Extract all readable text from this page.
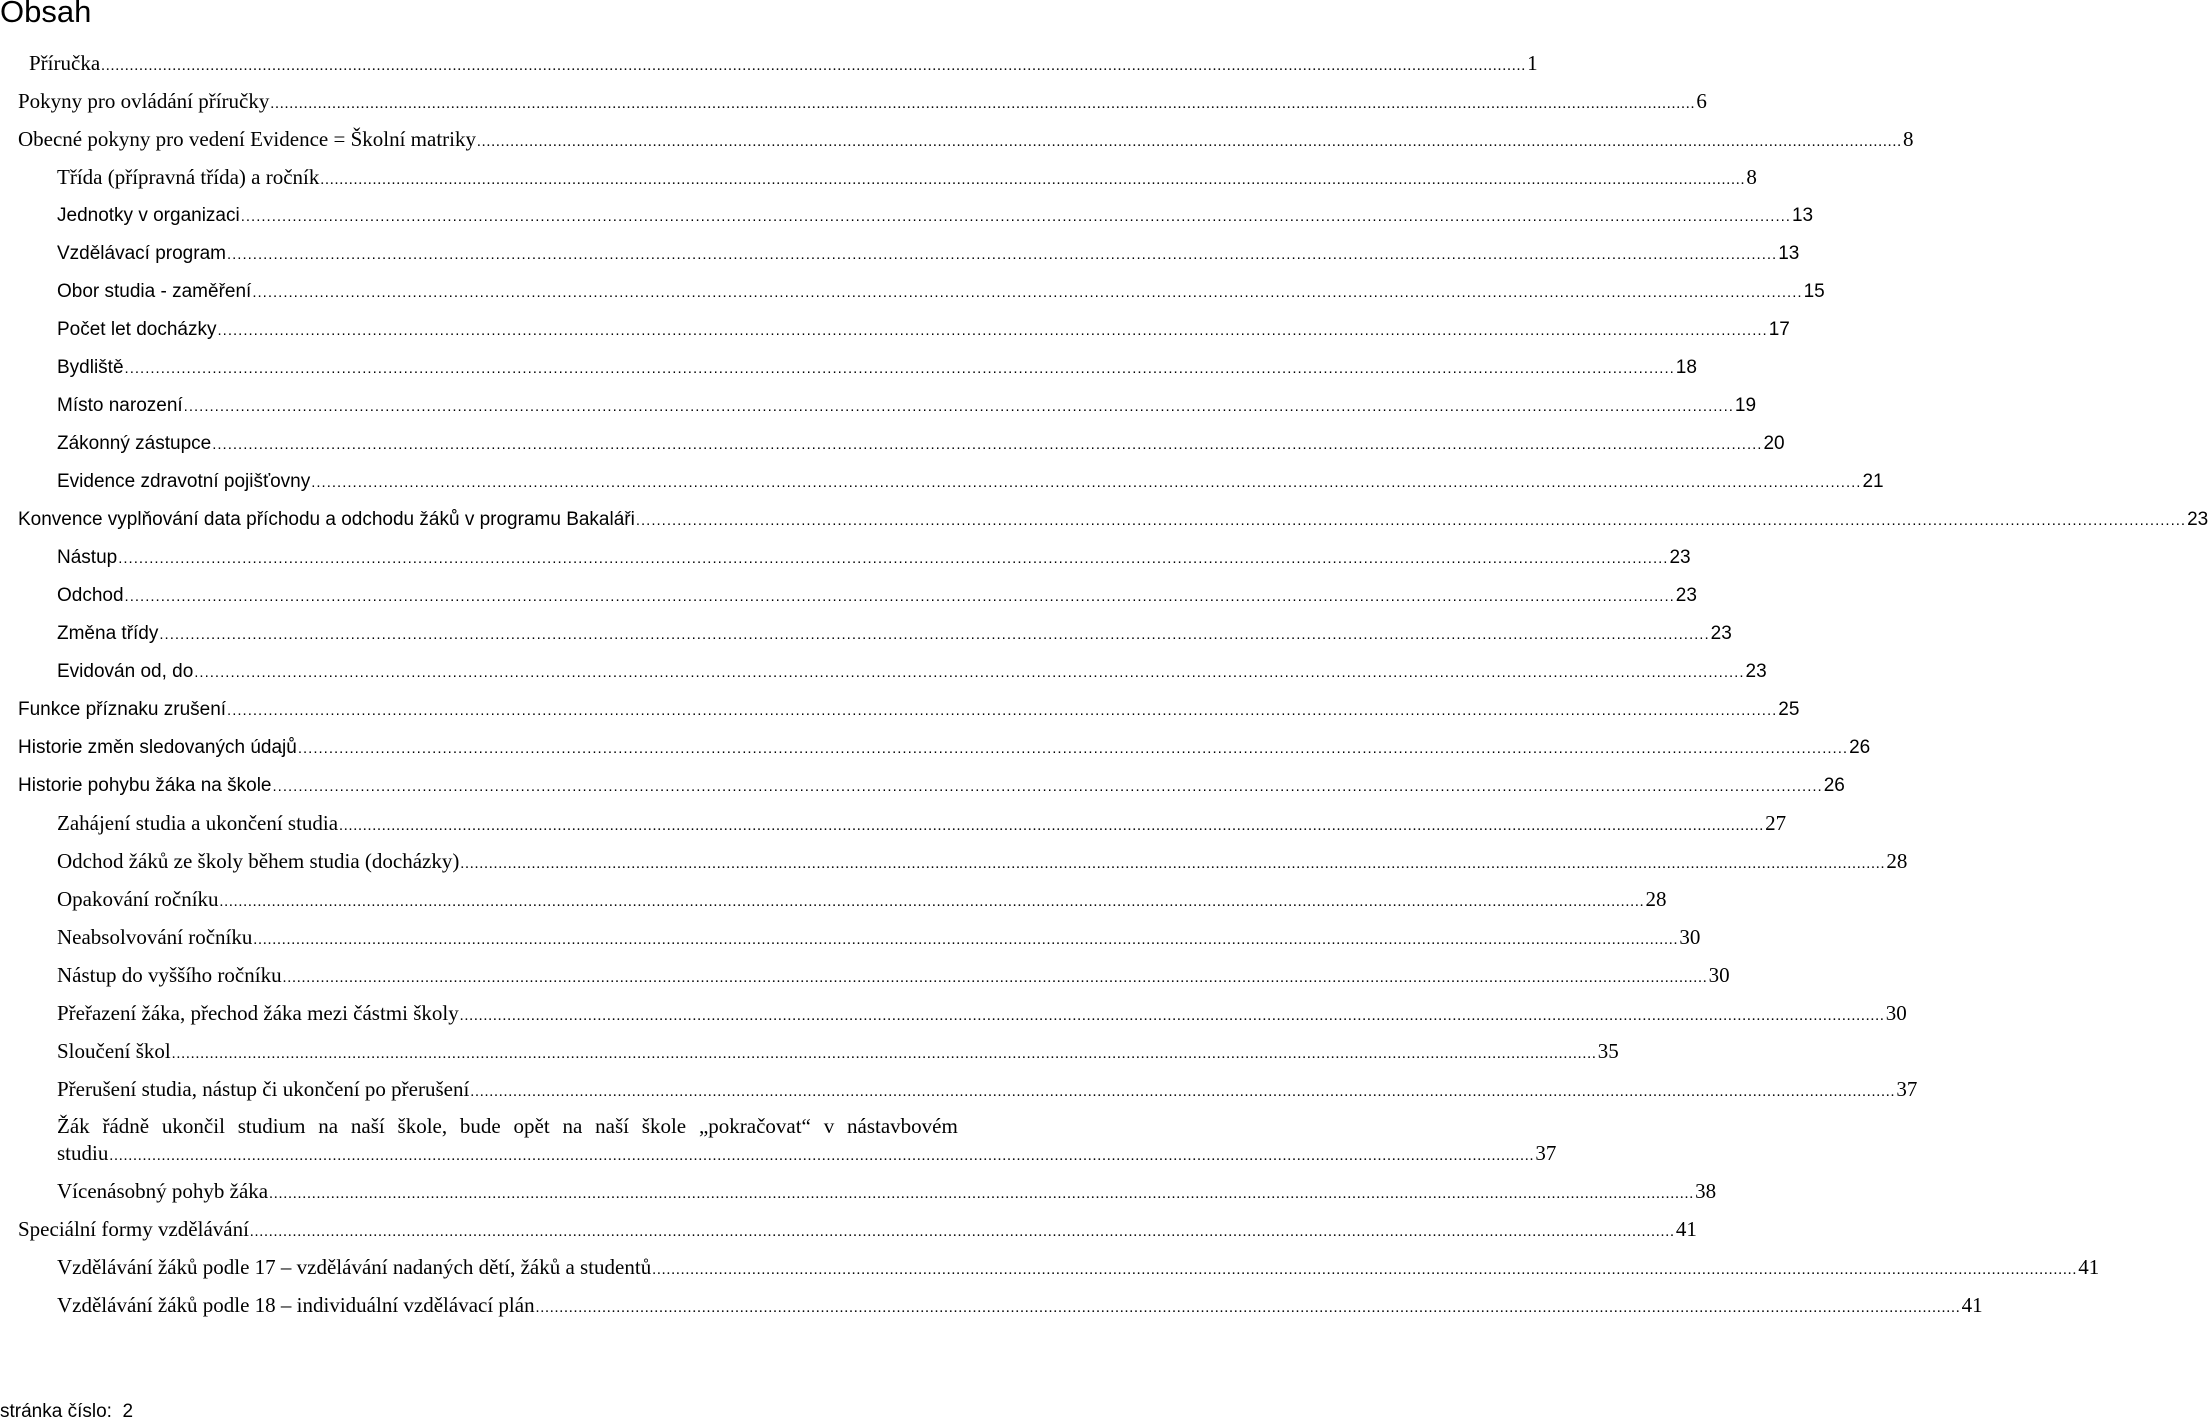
Obsah
Příručka ............................................................................................................................................................................................................................................................................................................ 1
Pokyny pro ovládání příručky ............................................................................................................................................................................................................................................................................................................ 6
Obecné pokyny pro vedení Evidence = Školní matriky ............................................................................................................................................................................................................................................................................................................ 8
Třída (přípravná třída) a ročník ............................................................................................................................................................................................................................................................................................................ 8
Jednotky v organizaci ............................................................................................................................................................................................................................................................................................................ 13
Vzdělávací program ............................................................................................................................................................................................................................................................................................................ 13
Obor studia - zaměření ............................................................................................................................................................................................................................................................................................................ 15
Počet let docházky ............................................................................................................................................................................................................................................................................................................ 17
Bydliště ............................................................................................................................................................................................................................................................................................................ 18
Místo narození ............................................................................................................................................................................................................................................................................................................ 19
Zákonný zástupce ............................................................................................................................................................................................................................................................................................................ 20
Evidence zdravotní pojišťovny ............................................................................................................................................................................................................................................................................................................ 21
Konvence vyplňování data příchodu a odchodu žáků v programu Bakaláři ............................................................................................................................................................................................................................................................................................................ 23
Nástup ............................................................................................................................................................................................................................................................................................................ 23
Odchod ............................................................................................................................................................................................................................................................................................................ 23
Změna třídy ............................................................................................................................................................................................................................................................................................................ 23
Evidován od, do ............................................................................................................................................................................................................................................................................................................ 23
Funkce příznaku zrušení ............................................................................................................................................................................................................................................................................................................ 25
Historie změn sledovaných údajů ............................................................................................................................................................................................................................................................................................................ 26
Historie pohybu žáka na škole ............................................................................................................................................................................................................................................................................................................ 26
Zahájení studia a ukončení studia ............................................................................................................................................................................................................................................................................................................ 27
Odchod žáků ze školy během studia (docházky) ............................................................................................................................................................................................................................................................................................................ 28
Opakování ročníku ............................................................................................................................................................................................................................................................................................................ 28
Neabsolvování ročníku ............................................................................................................................................................................................................................................................................................................ 30
Nástup do vyššího ročníku ............................................................................................................................................................................................................................................................................................................ 30
Přeřazení žáka, přechod žáka mezi částmi školy ............................................................................................................................................................................................................................................................................................................ 30
Sloučení škol ............................................................................................................................................................................................................................................................................................................ 35
Přerušení studia, nástup či ukončení po přerušení ............................................................................................................................................................................................................................................................................................................ 37
Žák řádně ukončil studium na naší škole, bude opět na naší škole „pokračovat“ v nástavbovém
studiu ............................................................................................................................................................................................................................................................................................................ 37
Vícenásobný pohyb žáka ............................................................................................................................................................................................................................................................................................................ 38
Speciální formy vzdělávání ............................................................................................................................................................................................................................................................................................................ 41
Vzdělávání žáků podle 17 – vzdělávání nadaných dětí, žáků a studentů ............................................................................................................................................................................................................................................................................................................ 41
Vzdělávání žáků podle 18 – individuální vzdělávací plán ............................................................................................................................................................................................................................................................................................................ 41
stránka číslo: 2
